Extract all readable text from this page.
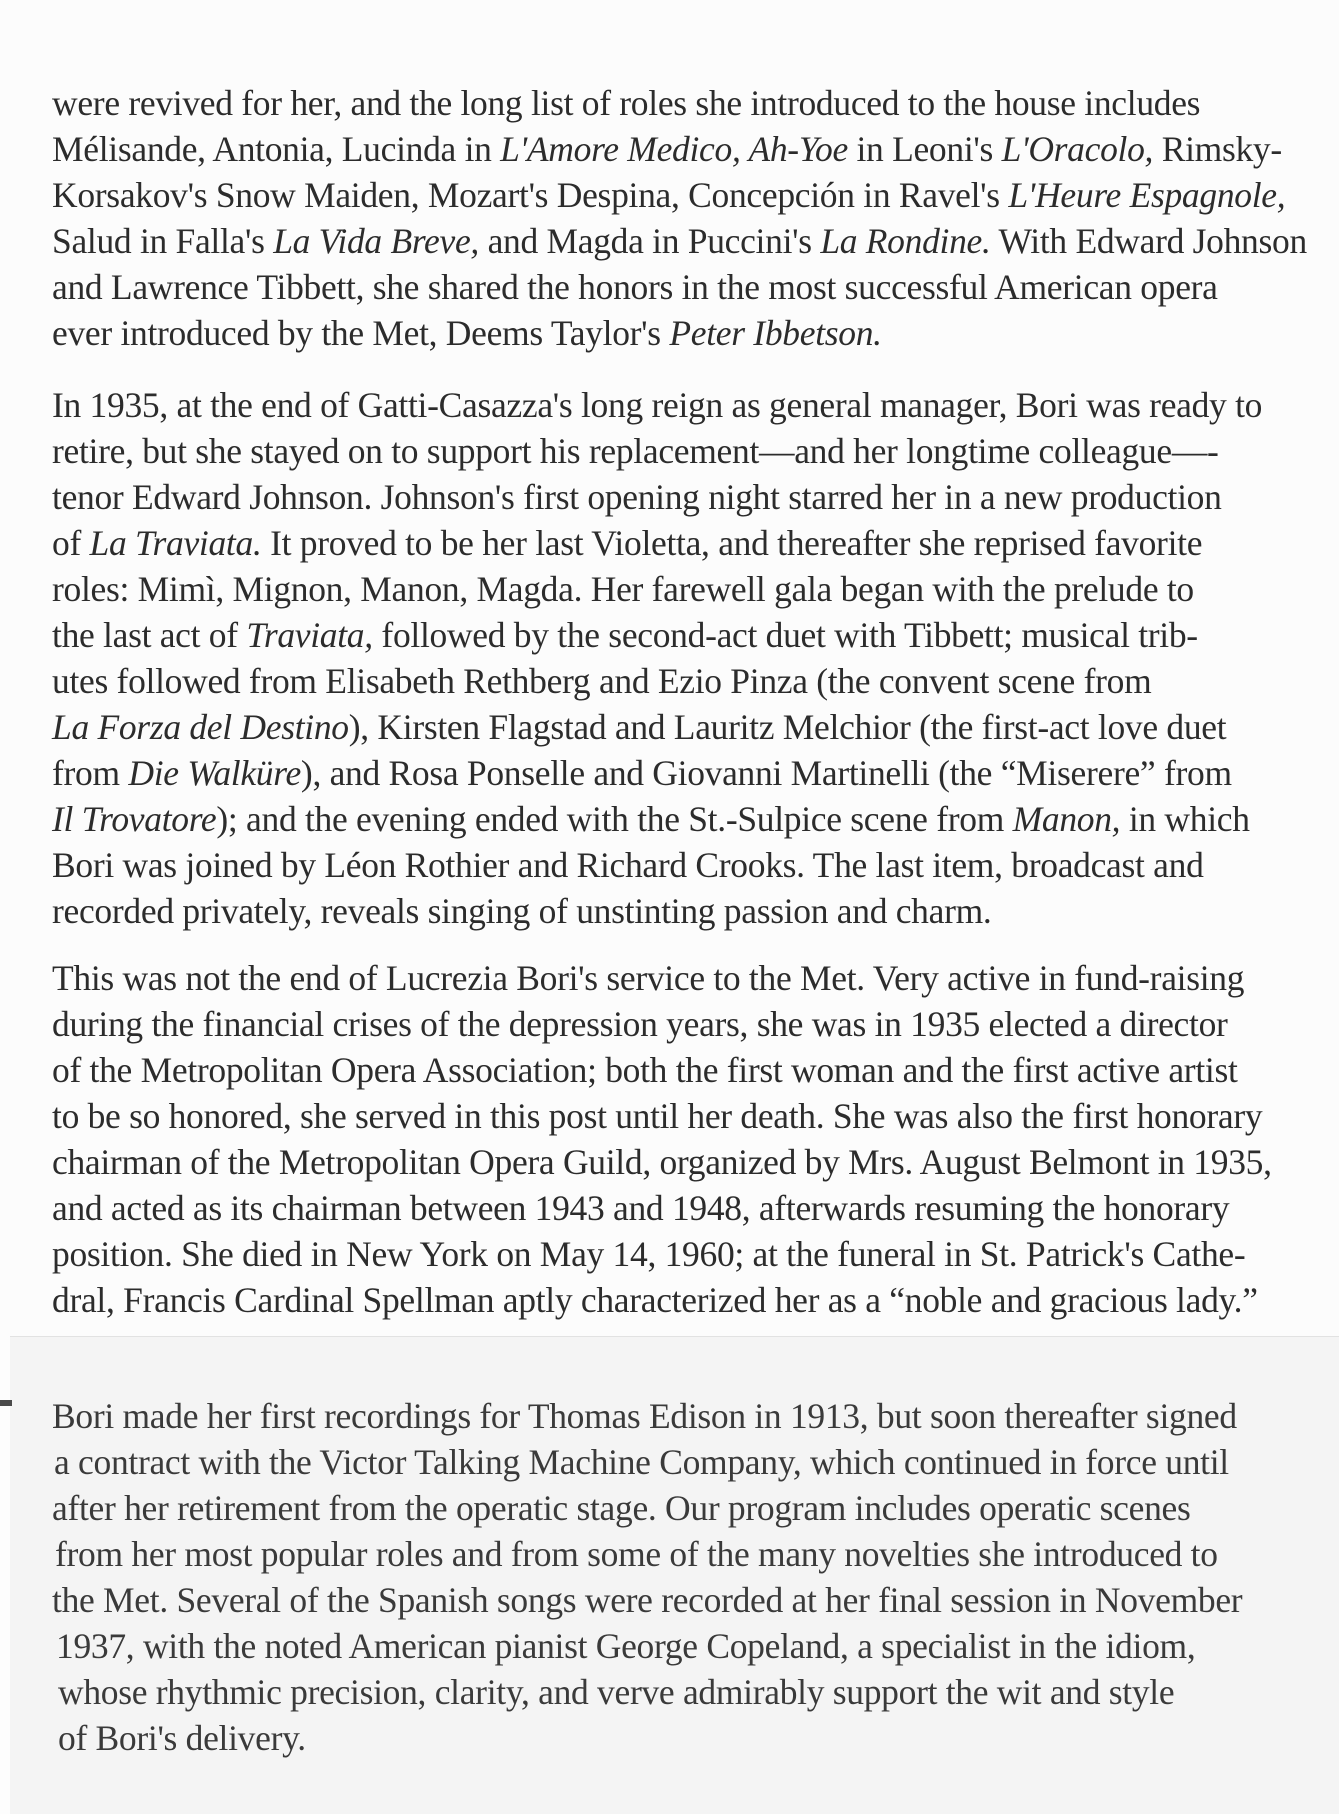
were revived for her, and the long list of roles she introduced to the house includes
Mélisande, Antonia, Lucinda in L'Amore Medico, Ah-Yoe in Leoni's L'Oracolo, Rimsky-
Korsakov's Snow Maiden, Mozart's Despina, Concepción in Ravel's L'Heure Espagnole,
Salud in Falla's La Vida Breve, and Magda in Puccini's La Rondine. With Edward Johnson
and Lawrence Tibbett, she shared the honors in the most successful American opera
ever introduced by the Met, Deems Taylor's Peter Ibbetson.

In 1935, at the end of Gatti-Casazza's long reign as general manager, Bori was ready to
retire, but she stayed on to support his replacement—and her longtime colleague—-
tenor Edward Johnson. Johnson's first opening night starred her in a new production
of La Traviata. It proved to be her last Violetta, and thereafter she reprised favorite
roles: Mimì, Mignon, Manon, Magda. Her farewell gala began with the prelude to
the last act of Traviata, followed by the second-act duet with Tibbett; musical trib-
utes followed from Elisabeth Rethberg and Ezio Pinza (the convent scene from
La Forza del Destino), Kirsten Flagstad and Lauritz Melchior (the first-act love duet
from Die Walküre), and Rosa Ponselle and Giovanni Martinelli (the “Miserere” from
Il Trovatore); and the evening ended with the St.-Sulpice scene from Manon, in which
Bori was joined by Léon Rothier and Richard Crooks. The last item, broadcast and
recorded privately, reveals singing of unstinting passion and charm.

This was not the end of Lucrezia Bori's service to the Met. Very active in fund-raising
during the financial crises of the depression years, she was in 1935 elected a director
of the Metropolitan Opera Association; both the first woman and the first active artist
to be so honored, she served in this post until her death. She was also the first honorary
chairman of the Metropolitan Opera Guild, organized by Mrs. August Belmont in 1935,
and acted as its chairman between 1943 and 1948, afterwards resuming the honorary
position. She died in New York on May 14, 1960; at the funeral in St. Patrick's Cathe-
dral, Francis Cardinal Spellman aptly characterized her as a “noble and gracious lady.”

Bori made her first recordings for Thomas Edison in 1913, but soon thereafter signed
a contract with the Victor Talking Machine Company, which continued in force until
after her retirement from the operatic stage. Our program includes operatic scenes
from her most popular roles and from some of the many novelties she introduced to
the Met. Several of the Spanish songs were recorded at her final session in November
1937, with the noted American pianist George Copeland, a specialist in the idiom,
whose rhythmic precision, clarity, and verve admirably support the wit and style
of Bori's delivery.
